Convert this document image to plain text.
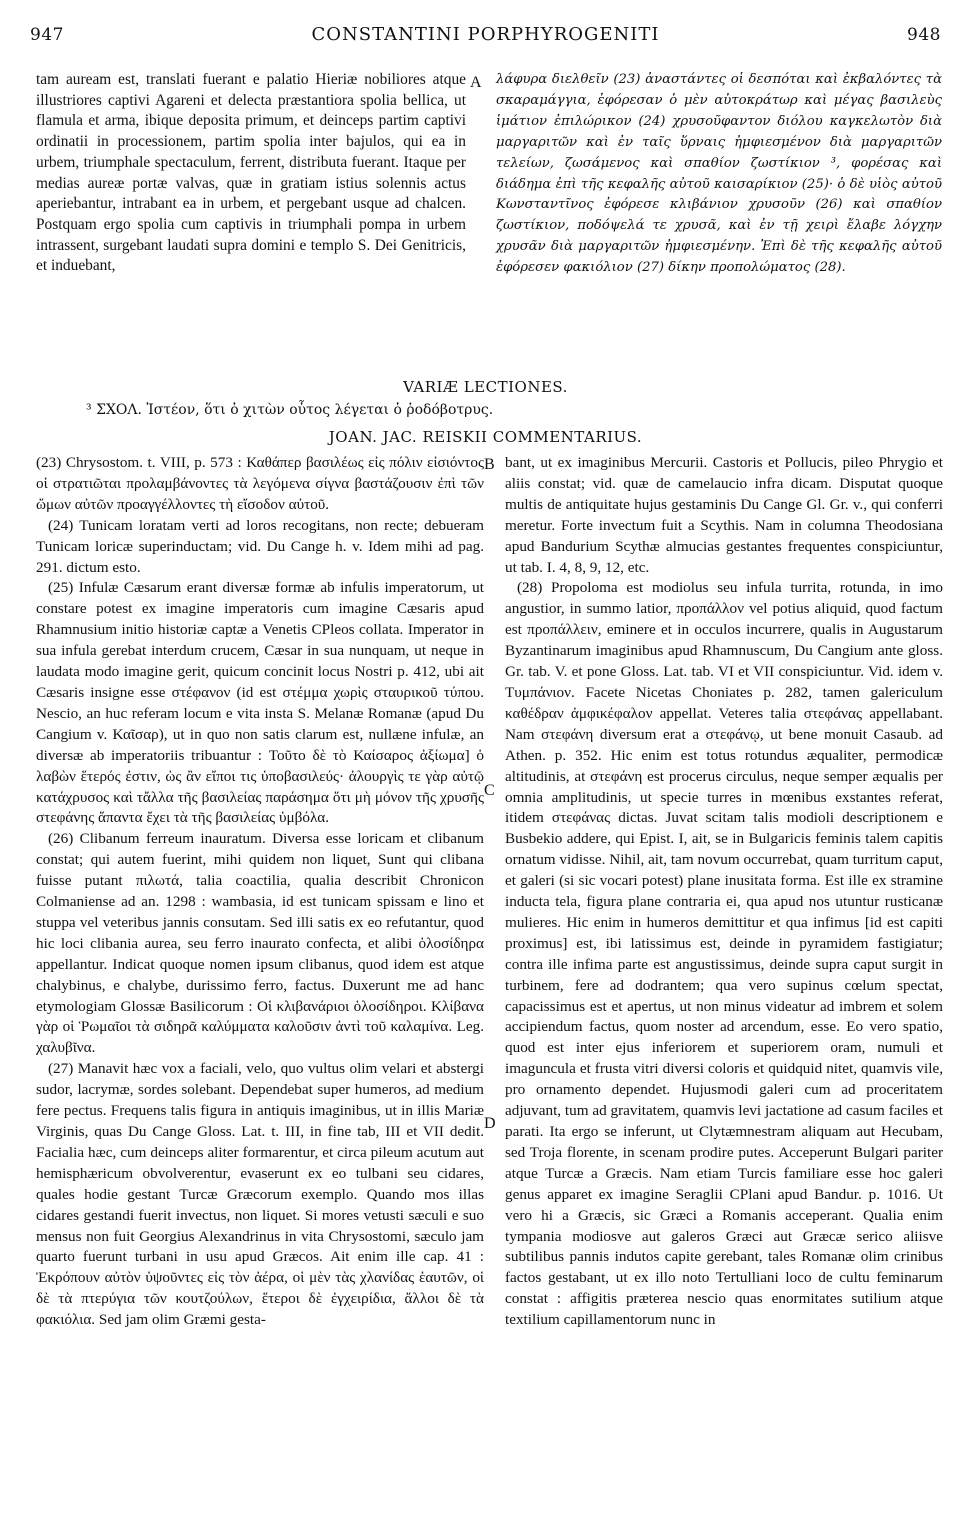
947	CONSTANTINI PORPHYROGENITI	948

tam auream est, translati fuerant e palatio Hieriæ nobiliores atque illustriores captivi Agareni et delecta præstantiora spolia bellica, ut flamula et arma, ibique deposita primum, et deinceps partim captivi ordinatii in processionem, partim spolia inter bajulos, qui ea in urbem, triumphale spectaculum, ferrent, distributa fuerant. Itaque per medias aureæ portæ valvas, quæ in gratiam istius solennis actus aperiebantur, intrabant ea in urbem, et pergebant usque ad chalcen. Postquam ergo spolia cum captivis in triumphali pompa in urbem intrassent, surgebant laudati supra domini e templo S. Dei Genitricis, et induebant,

A λάφυρα διελθεῖν (23) ἀναστάντες οἱ δεσπόται καὶ ἐκβαλόντες τὰ σκαραμάγγια, ἐφόρεσαν ὁ μὲν αὐτοκράτωρ καὶ μέγας βασιλεὺς ἱμάτιον ἐπιλώρικον (24) χρυσοῦφαντον διόλου καγκελωτὸν διὰ μαργαριτῶν καὶ ἐν ταῖς ὕρναις ἠμφιεσμένον διὰ μαργαριτῶν τελείων, ζωσάμενος καὶ σπαθίον ζωστίκιον ³, φορέσας καὶ διάδημα ἐπὶ τῆς κεφαλῆς αὐτοῦ καισαρίκιον (25)· ὁ δὲ υἱὸς αὐτοῦ Κωνσταντῖνος ἐφόρεσε κλιβάνιον χρυσοῦν (26) καὶ σπαθίον ζωστίκιον, ποδόψελά τε χρυσᾶ, καὶ ἐν τῇ χειρὶ ἔλαβε λόγχην χρυσᾶν διὰ μαργαριτῶν ἠμφιεσμένην. Ἐπὶ δὲ τῆς κεφαλῆς αὐτοῦ ἐφόρεσεν φακιόλιον (27) δίκην προπολώματος (28).

VARIÆ LECTIONES.
³ ΣΧΟΛ. Ἰστέον, ὅτι ὁ χιτὼν οὗτος λέγεται ὁ ῥοδόβοτρυς.
JOAN. JAC. REISKII COMMENTARIUS.

(23) Chrysostom. t. VIII, p. 573 : Καθάπερ βασιλέως εἰς πόλιν εἰσιόντος οἱ στρατιῶται προλαμβάνοντες τὰ λεγόμενα σίγνα βαστάζουσιν ἐπὶ τῶν ὤμων αὐτῶν προαγγέλλοντες τὴ εἴσοδον αὐτοῦ.

(24) Tunicam loratam verti ad loros recogitans, non recte; debueram Tunicam loricæ superinductam; vid. Du Cange h. v. Idem mihi ad pag. 291. dictum esto.

(25) Infulæ Cæsarum erant diversæ formæ ab infulis imperatorum, ut constare potest ex imagine imperatoris cum imagine Cæsaris apud Rhamnusium initio historiæ captæ a Venetis CPleos collata. Imperator in sua infula gerebat interdum crucem, Cæsar in sua nunquam, ut neque in laudata modo imagine gerit, quicum concinit locus Nostri p. 412, ubi ait Cæsaris insigne esse στέφανον (id est στέμμα χωρὶς σταυρικοῦ τύπου. Nescio, an huc referam locum e vita insta S. Melanæ Romanæ (apud Du Cangium v. Καῖσαρ), ut in quo non satis clarum est, nullæne infulæ, an diversæ ab imperatoriis tribuantur : Τοῦτο δὲ τὸ Καίσαρος ἀξίωμα] ὁ λαβὼν ἕτερός ἐστιν, ὡς ἂν εἴποι τις ὑποβασιλεύς· ἀλουργὶς τε γὰρ αὐτῷ κατάχρυσος καὶ τἄλλα τῆς βασιλείας παράσημα ὅτι μὴ μόνον τῆς χρυσῆς στεφάνης ἅπαντα ἔχει τὰ τῆς βασιλείας ὑμβόλα.

(26) Clibanum ferreum inauratum. Diversa esse loricam et clibanum constat; qui autem fuerint, mihi quidem non liquet, Sunt qui clibana fuisse putant πιλωτά, talia coactilia, qualia describit Chronicon Colmaniense ad an. 1298 : wambasia, id est tunicam spissam e lino et stuppa vel veteribus jannis consutam. Sed illi satis ex eo refutantur, quod hic loci clibania aurea, seu ferro inaurato confecta, et alibi ὁλοσίδηρα appellantur. Indicat quoque nomen ipsum clibanus, quod idem est atque chalybinus, e chalybe, durissimo ferro, factus. Duxerunt me ad hanc etymologiam Glossæ Basilicorum : Οἱ κλιβανάριοι ὁλοσίδηροι. Κλίβανα γὰρ οἱ Ῥωμαῖοι τὰ σιδηρᾶ καλύμματα καλοῦσιν ἀντὶ τοῦ καλαμίνα. Leg. χαλυβῖνα.

(27) Manavit hæc vox a faciali, velo, quo vultus olim velari et abstergi sudor, lacrymæ, sordes solebant. Dependebat super humeros, ad medium fere pectus. Frequens talis figura in antiquis imaginibus, ut in illis Mariæ Virginis, quas Du Cange Gloss. Lat. t. III, in fine tab, III et VII dedit. Facialia hæc, cum deinceps aliter formarentur, et circa pileum acutum aut hemisphæricum obvolverentur, evaserunt ex eo tulbani seu cidares, quales hodie gestant Turcæ Græcorum exemplo. Quando mos illas cidares gestandi fuerit invectus, non liquet. Si mores vetusti sæculi e suo mensus non fuit Georgius Alexandrinus in vita Chrysostomi, sæculo jam quarto fuerunt turbani in usu apud Græcos. Ait enim ille cap. 41 : Ἐκρόπουν αὐτὸν ὑψοῦντες εἰς τὸν ἀέρα, οἱ μὲν τὰς χλανίδας ἑαυτῶν, οἱ δὲ τὰ πτερύγια τῶν κουτζούλων, ἕτεροι δὲ ἐγχειρίδια, ἄλλοι δὲ τὰ φακιόλια. Sed jam olim Græmi gesta-

B
C
D

bant, ut ex imaginibus Mercurii. Castoris et Pollucis, pileo Phrygio et aliis constat; vid. quæ de camelaucio infra dicam. Disputat quoque multis de antiquitate hujus gestaminis Du Cange Gl. Gr. v., qui conferri meretur. Forte invectum fuit a Scythis. Nam in columna Theodosiana apud Bandurium Scythæ almucias gestantes frequentes conspiciuntur, ut tab. I. 4, 8, 9, 12, etc.

(28) Propoloma est modiolus seu infula turrita, rotunda, in imo angustior, in summo latior, προπάλλον vel potius aliquid, quod factum est προπάλλειν, eminere et in occulos incurrere, qualis in Augustarum Byzantinarum imaginibus apud Rhamnuscum, Du Cangium ante gloss. Gr. tab. V. et pone Gloss. Lat. tab. VI et VII conspiciuntur. Vid. idem v. Τυμπάνιον. Facete Nicetas Choniates p. 282, tamen galericulum καθέδραν ἀμφικέφαλον appellat. Veteres talia στεφάνας appellabant. Nam στεφάνη diversum erat a στεφάνῳ, ut bene monuit Casaub. ad Athen. p. 352. Hic enim est totus rotundus æqualiter, permodicæ altitudinis, at στεφάνη est procerus circulus, neque semper æqualis per omnia amplitudinis, ut specie turres in mœnibus exstantes referat, itidem στεφάνας dictas. Juvat scitam talis modioli descriptionem e Busbekio addere, qui Epist. I, ait, se in Bulgaricis feminis talem capitis ornatum vidisse. Nihil, ait, tam novum occurrebat, quam turritum caput, et galeri (si sic vocari potest) plane inusitata forma. Est ille ex stramine inducta tela, figura plane contraria ei, qua apud nos utuntur rusticanæ mulieres. Hic enim in humeros demittitur et qua infimus [id est capiti proximus] est, ibi latissimus est, deinde in pyramidem fastigiatur; contra ille infima parte est angustissimus, deinde supra caput surgit in turbinem, fere ad dodrantem; qua vero supinus cœlum spectat, capacissimus est et apertus, ut non minus videatur ad imbrem et solem accipiendum factus, quom noster ad arcendum, esse. Eo vero spatio, quod est inter ejus inferiorem et superiorem oram, numuli et imaguncula et frusta vitri diversi coloris et quidquid nitet, quamvis vile, pro ornamento dependet. Hujusmodi galeri cum ad proceritatem adjuvant, tum ad gravitatem, quamvis levi jactatione ad casum faciles et parati. Ita ergo se inferunt, ut Clytæmnestram aliquam aut Hecubam, sed Troja florente, in scenam prodire putes. Acceperunt Bulgari pariter atque Turcæ a Græcis. Nam etiam Turcis familiare esse hoc galeri genus apparet ex imagine Seraglii CPlani apud Bandur. p. 1016. Ut vero hi a Græcis, sic Græci a Romanis acceperant. Qualia enim tympania modiosve aut galeros Græci aut Græcæ serico aliisve subtilibus pannis indutos capite gerebant, tales Romanæ olim crinibus factos gestabant, ut ex illo noto Tertulliani loco de cultu feminarum constat : affigitis præterea nescio quas enormitates sutilium atque textilium capillamentorum nunc in
